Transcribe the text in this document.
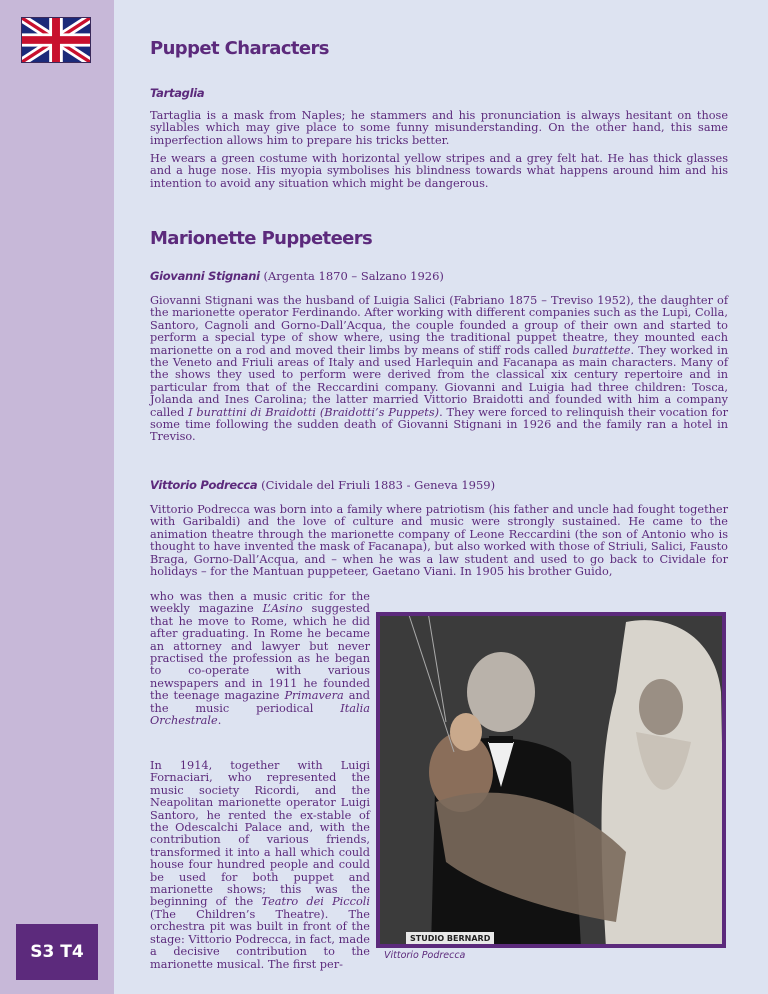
S3 T4
Puppet Characters
Tartaglia

Tartaglia is a mask from Naples; he stammers and his pronunciation is always hesitant on those syllables which may give place to some funny misunderstanding. On the other hand, this same imperfection allows him to prepare his tricks better.

He wears a green costume with horizontal yellow stripes and a grey felt hat. He has thick glasses and a huge nose. His myopia symbolises his blindness towards what happens around him and his intention to avoid any situation which might be dangerous.

Marionette Puppeteers
Giovanni Stignani (Argenta 1870 – Salzano 1926)

Giovanni Stignani was the husband of Luigia Salici (Fabriano 1875 – Treviso 1952), the daughter of the marionette operator Ferdinando. After working with different companies such as the Lupi, Colla, Santoro, Cagnoli and Gorno-Dall’Acqua, the couple founded a group of their own and started to perform a special type of show where, using the traditional puppet theatre, they mounted each marionette on a rod and moved their limbs by means of stiff rods called burattette. They worked in the Veneto and Friuli areas of Italy and used Harlequin and Facanapa as main characters. Many of the shows they used to perform were derived from the classical xix century repertoire and in particular from that of the Reccardini company. Giovanni and Luigia had three children: Tosca, Jolanda and Ines Carolina; the latter married Vittorio Braidotti and founded with him a company called I burattini di Braidotti (Braidotti’s Puppets). They were forced to relinquish their vocation for some time following the sudden death of Giovanni Stignani in 1926 and the family ran a hotel in Treviso.

Vittorio Podrecca (Cividale del Friuli 1883 - Geneva 1959)

Vittorio Podrecca was born into a family where patriotism (his father and uncle had fought together with Garibaldi) and the love of culture and music were strongly sustained. He came to the animation theatre through the marionette company of Leone Reccardini (the son of Antonio who is thought to have invented the mask of Facanapa), but also worked with those of Striuli, Salici, Fausto Braga, Gorno-Dall’Acqua, and – when he was a law student and used to go back to Cividale for holidays – for the Mantuan puppeteer, Gaetano Viani. In 1905 his brother Guido,

who was then a music critic for the weekly magazine L’Asino suggested that he move to Rome, which he did after graduating. In Rome he became an attorney and lawyer but never practised the profession as he began to co-operate with various newspapers and in 1911 he founded the teenage magazine Primavera and the music periodical Italia Orchestrale.

In 1914, together with Luigi Fornaciari, who represented the music society Ricordi, and the Neapolitan marionette operator Luigi Santoro, he rented the ex-stable of the Odescalchi Palace and, with the contribution of various friends, transformed it into a hall which could house four hundred people and could be used for both puppet and marionette shows; this was the beginning of the Teatro dei Piccoli (The Children’s Theatre). The orchestra pit was built in front of the stage: Vittorio Podrecca, in fact, made a decisive contribution to the marionette musical. The first per-

STUDIO BERNARD
Vittorio Podrecca
